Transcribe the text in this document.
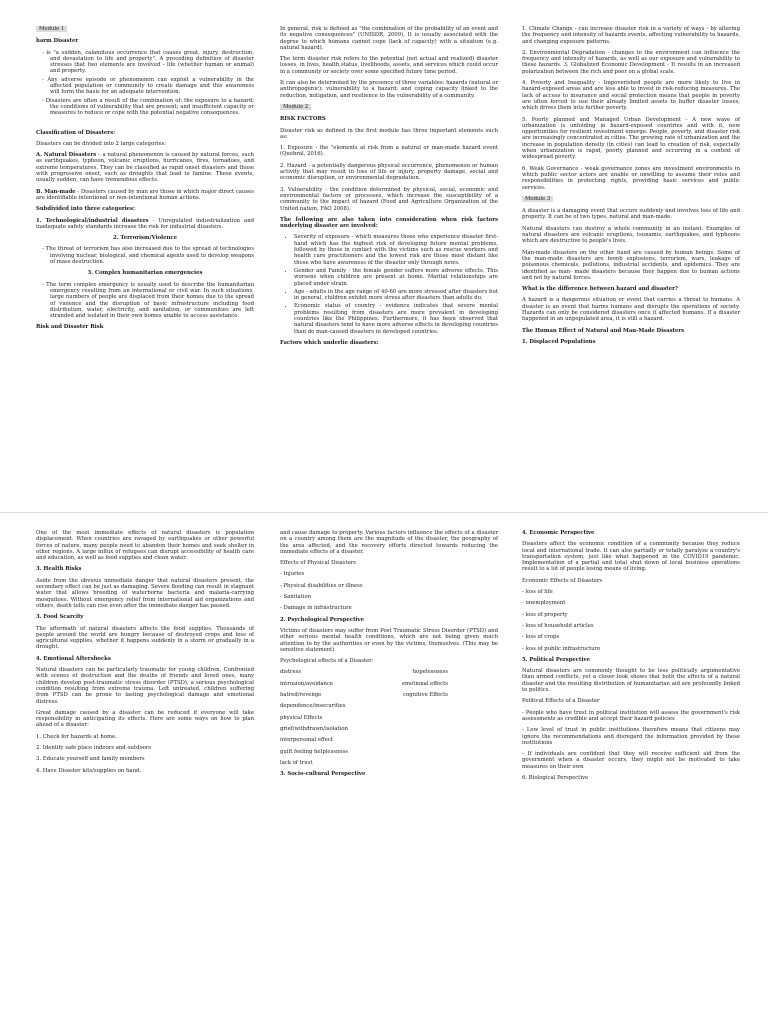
Module 1

harm Disaster

- is "a sudden, calamitous occurrence that causes great, injury, destruction, and devastation to life and property". A preceding definition of disaster stresses that two elements are involved - life (whether human or animal) and property.
- Any adverse episode or phenomenon can exploit a vulnerability in the affected population or community to create damage and this awareness will form the basis for an adequate intervention.
- Disasters are often a result of the combination of: the exposure to a hazard; the conditions of vulnerability that are present; and insufficient capacity or measures to reduce or cope with the potential negative consequences.

Classification of Disasters:

Disasters can be divided into 2 large categories:

A. Natural Disasters – a natural phenomenon is caused by natural forces, such as earthquakes, typhoon, volcanic eruptions, hurricanes, fires, tornadoes, and extreme temperatures. They can be classified as rapid onset disasters and those with progressive onset, such as droughts that lead to famine. These events, usually sudden, can have tremendous effects.

B. Man-made - Disasters caused by man are those in which major direct causes are identifiable intentional or non-intentional human actions.

Subdivided into three categories:

1. Technological/industrial disasters - Unregulated industrialization and inadequate safety standards increase the risk for industrial disasters.

2. Terrorism/Violence

- The threat of terrorism has also increased due to the spread of technologies involving nuclear, biological, and chemical agents used to develop weapons of mass destruction.

3. Complex humanitarian emergencies

- The term complex emergency is usually used to describe the humanitarian emergency resulting from an international or civil war. In such situations, large numbers of people are displaced from their homes due to the spread of violence and the disruption of basic infrastructure including food distribution, water, electricity, and sanitation, or communities are left stranded and isolated in their own homes unable to access assistance.

Risk and Disaster Risk

In general, risk is defined as "the combination of the probability of an event and its negative consequences" (UNISDR, 2009). It is usually associated with the degree to which humans cannot cope (lack of capacity) with a situation (e.g. natural hazard).

The term disaster risk refers to the potential (not actual and realized) disaster losses, in lives, health status, livelihoods, assets, and services which could occur in a community or society over some specified future time period.

It can also be determined by the presence of three variables: hazards (natural or anthropogenic); vulnerability to a hazard; and coping capacity linked to the reduction, mitigation, and resilience to the vulnerability of a community.

Module 2

RISK FACTORS

Disaster risk as defined in the first module has three important elements such as:

1. Exposure - the "elements at risk from a natural or man-made hazard event (Quebral, 2016).

2. Hazard - a potentially dangerous physical occurrence, phenomenon or human activity that may result in loss of life or injury, property damage, social and economic disruption, or environmental degradation.

3. Vulnerability - the condition determined by physical, social, economic and environmental factors or processes, which increase the susceptibility of a community to the impact of hazard (Food and Agriculture Organization of the United nation, FAO 2008).

The following are also taken into consideration when risk factors underlying disaster are involved:

• Severity of exposure - which measures those who experience disaster first-hand which has the highest risk of developing future mental problems, followed by those in contact with the victims such as rescue workers and health care practitioners and the lowest risk are those most distant like those who have awareness of the disaster only through news.
• Gender and Family - the female gender suffers more adverse effects. This worsens when children are present at home. Marital relationships are placed under strain.
• Age - adults in the age range of 40-60 are more stressed after disasters but in general, children exhibit more stress after disasters than adults do.
• Economic status of country - evidence indicates that severe mental problems resulting from disasters are more prevalent in developing countries like the Philippines. Furthermore, it has been observed that natural disasters tend to have more adverse effects in developing countries than do man-caused disasters in developed countries.

Factors which underlie disasters:

1. Climate Change - can increase disaster risk in a variety of ways - by altering the frequency and intensity of hazards events, affecting vulnerability to hazards, and changing exposure patterns.

2. Environmental Degradation - changes to the environment can influence the frequency and intensity of hazards, as well as our exposure and vulnerability to these hazards. 3. Globalized Economic Development - It results in an increased polarization between the rich and poor on a global scale.

4. Poverty and Inequality - Impoverished people are more likely to live in hazard-exposed areas and are less able to invest in risk-reducing measures. The lack of access to insurance and social protection means that people in poverty are often forced to use their already limited assets to buffer disaster losses, which drives them into further poverty.

5. Poorly planned and Managed Urban Development - A new wave of urbanization is unfolding in hazard-exposed countries and with it, new opportunities for resilient investment emerge. People, poverty, and disaster risk are increasingly concentrated in cities. The growing rate of urbanization and the increase in population density (in cities) can lead to creation of risk, especially when urbanization is rapid, poorly planned and occurring in a context of widespread poverty.

6. Weak Governance - weak governance zones are investment environments in which public sector actors are unable or unwilling to assume their roles and responsibilities in protecting rights, providing basic services and public services.

Module 3

A disaster is a damaging event that occurs suddenly and involves loss of life and property. It can be of two types, natural and man-made.

Natural disasters can destroy a whole community in an instant. Examples of natural disasters are volcanic eruptions, tsunamis, earthquakes, and typhoons which are destructive to people's lives.

Man-made disasters on the other hand are caused by human beings. Some of the man-made disasters are bomb explosions, terrorism, wars, leakage of poisonous chemicals, pollutions, industrial accidents, and epidemics. They are identified as man- made disasters because they happen due to human actions and not by natural forces.

What is the difference between hazard and disaster?

A hazard is a dangerous situation or event that carries a threat to humans. A disaster is an event that harms humans and disrupts the operations of society. Hazards can only be considered disasters once it affected humans. If a disaster happened in an unpopulated area, it is still a hazard.

The Human Effect of Natural and Man-Made Disasters

1. Displaced Populations

One of the most immediate effects of natural disasters is population displacement. When countries are ravaged by earthquakes or other powerful forces of nature, many people need to abandon their homes and seek shelter in other regions. A large influx of refugees can disrupt accessibility of health care and education, as well as food supplies and clean water.

3. Health Risks

Aside from the obvious immediate danger that natural disasters present, the secondary effect can be just as damaging. Severe flooding can result in stagnant water that allows breeding of waterborne bacteria and malaria-carrying mosquitoes. Without emergency relief from international aid organizations and others, death tolls can rise even after the immediate danger has passed.

3. Food Scarcity

The aftermath of natural disasters affects the food supplies. Thousands of people around the world are hungry because of destroyed crops and loss of agricultural supplies, whether it happens suddenly in a storm or gradually in a drought.

4. Emotional Aftershocks

Natural disasters can be particularly traumatic for young children. Confronted with scenes of destruction and the deaths of friends and loved ones, many children develop post-traumatic stress disorder (PTSD), a serious psychological condition resulting from extreme trauma. Left untreated, children suffering from PTSD can be prone to lasting psychological damage and emotional distress.

Great damage caused by a disaster can be reduced if everyone will take responsibility in anticipating its effects. Here are some ways on how to plan ahead of a disaster:

1. Check for hazards at home.

2. Identify safe place indoors and outdoors

3. Educate yourself and family members

4. Have Disaster kits/supplies on hand.

and cause damage to property. Various factors influence the effects of a disaster on a country among them are the magnitude of the disaster, the geography of the area affected, and the recovery efforts directed towards reducing the immediate effects of a disaster.

Effects of Physical Disasters

- Injuries

- Physical disabilities or illness

- Sanitation

- Damage in infrastructure

2. Psychological Perspective

Victims of disasters may suffer from Post Traumatic Stress Disorder (PTSD) and other serious mental health conditions, which are not being given much attention to by the authorities or even by the victims, themselves. (This may be sensitive statement)

Psychological effects of a Disaster:

distress	hopelessness

intrusion/avoidance	emotional effects

hatred/revenge	cognitive Effects

dependence/insecurities

physical Effects

grief/withdrawn/isolation

interpersonal effect

guilt feeling helplessness

lack of trust

3. Socio-cultural Perspective

4. Economic Perspective

Disasters affect the economic condition of a community because they reduce local and international trade. It can also partially or totally paralyze a country's transportation system, just like what happened in the COVID19 pandemic. Implementation of a partial and total shut down of local business operations result to a lot of people losing means of living.

Economic Effects of Disasters

- loss of life

- unemployment

- loss of property

- loss of household articles

- loss of crops

- loss of public infrastructure

5. Political Perspective

Natural disasters are commonly thought to be less politically argumentative than armed conflicts, yet a closer look shows that both the effects of a natural disaster and the resulting distribution of humanitarian aid are profoundly linked to politics.

Political Effects of a Disaster

- People who have trust in political institution will assess the government's risk assessments as credible and accept their hazard policies

- Low level of trust in public institutions therefore means that citizens may ignore the recommendations and disregard the information provided by these institutions

- If individuals are confident that they will receive sufficient aid from the government when a disaster occurs, they might not be motivated to take measures on their own

6. Biological Perspective
